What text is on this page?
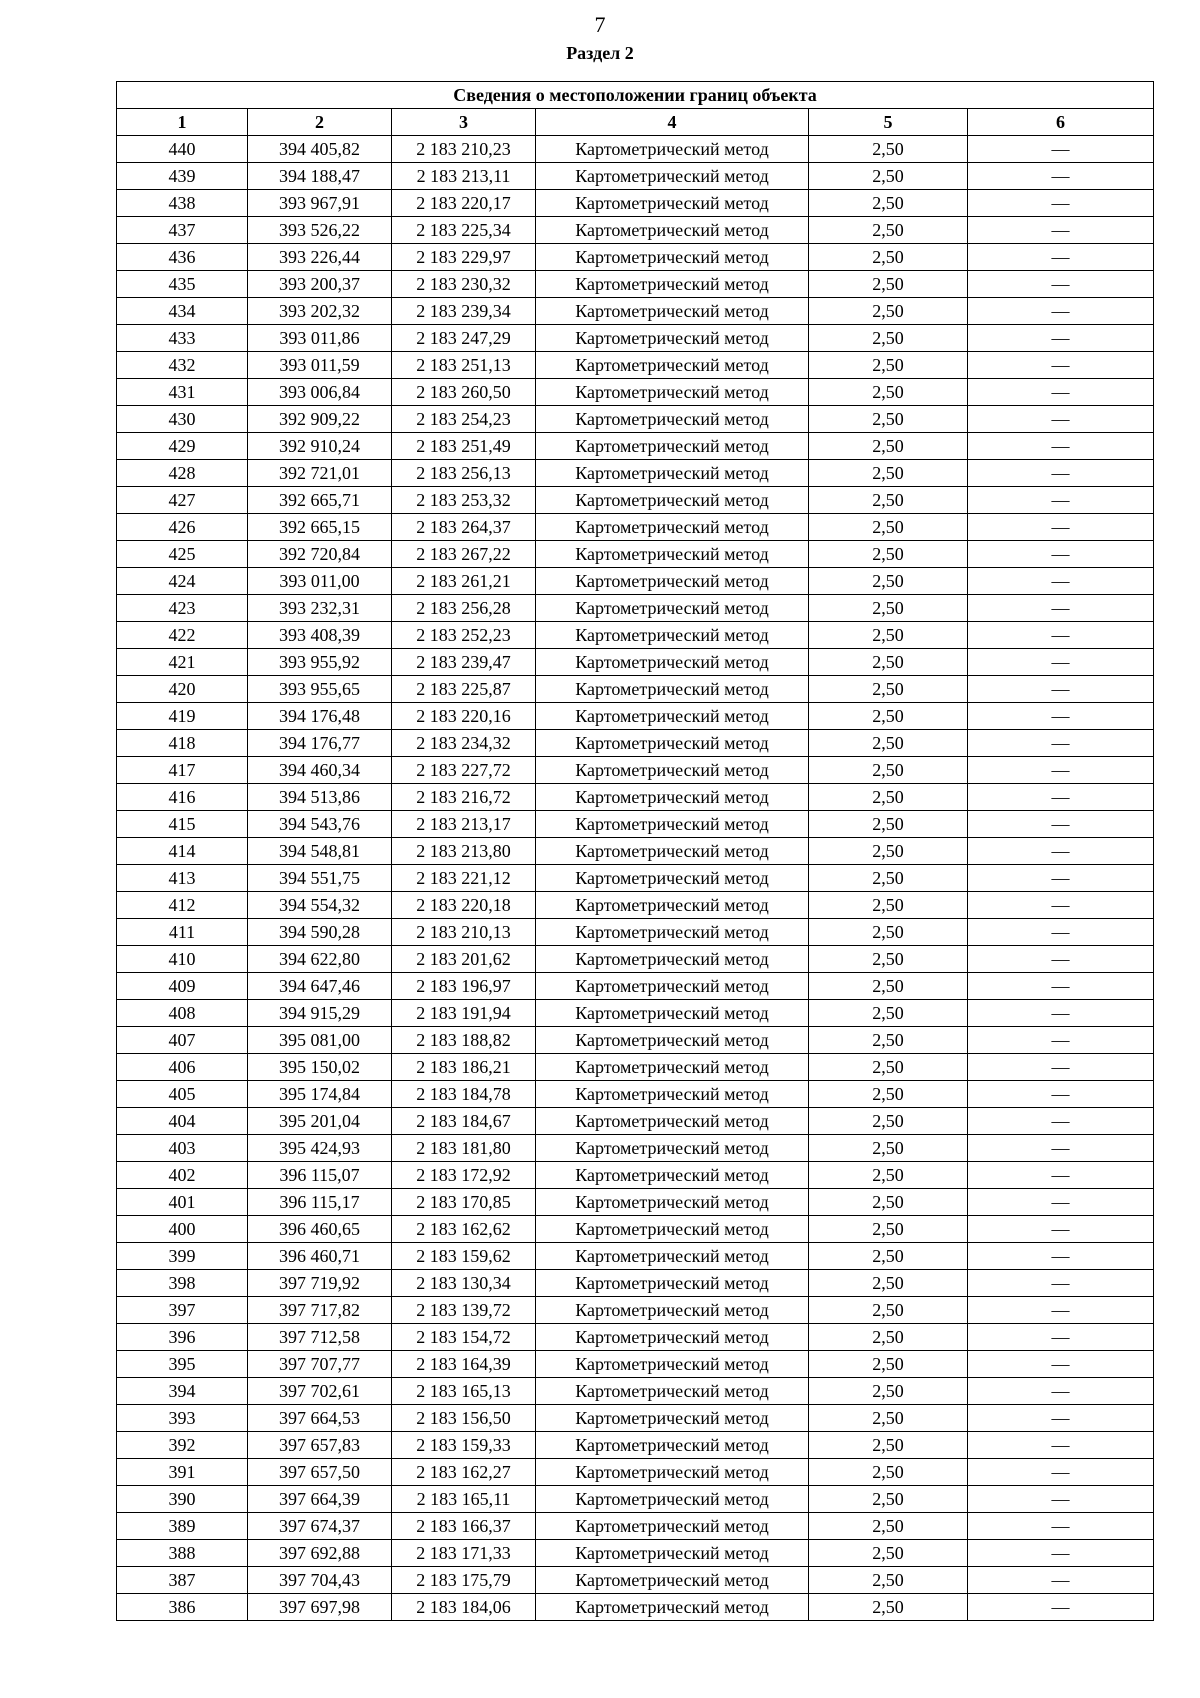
7
Раздел 2
Сведения о местоположении границ объекта					
1	2	3	4	5	6
440	394 405,82	2 183 210,23	Картометрический метод	2,50	—
439	394 188,47	2 183 213,11	Картометрический метод	2,50	—
438	393 967,91	2 183 220,17	Картометрический метод	2,50	—
437	393 526,22	2 183 225,34	Картометрический метод	2,50	—
436	393 226,44	2 183 229,97	Картометрический метод	2,50	—
435	393 200,37	2 183 230,32	Картометрический метод	2,50	—
434	393 202,32	2 183 239,34	Картометрический метод	2,50	—
433	393 011,86	2 183 247,29	Картометрический метод	2,50	—
432	393 011,59	2 183 251,13	Картометрический метод	2,50	—
431	393 006,84	2 183 260,50	Картометрический метод	2,50	—
430	392 909,22	2 183 254,23	Картометрический метод	2,50	—
429	392 910,24	2 183 251,49	Картометрический метод	2,50	—
428	392 721,01	2 183 256,13	Картометрический метод	2,50	—
427	392 665,71	2 183 253,32	Картометрический метод	2,50	—
426	392 665,15	2 183 264,37	Картометрический метод	2,50	—
425	392 720,84	2 183 267,22	Картометрический метод	2,50	—
424	393 011,00	2 183 261,21	Картометрический метод	2,50	—
423	393 232,31	2 183 256,28	Картометрический метод	2,50	—
422	393 408,39	2 183 252,23	Картометрический метод	2,50	—
421	393 955,92	2 183 239,47	Картометрический метод	2,50	—
420	393 955,65	2 183 225,87	Картометрический метод	2,50	—
419	394 176,48	2 183 220,16	Картометрический метод	2,50	—
418	394 176,77	2 183 234,32	Картометрический метод	2,50	—
417	394 460,34	2 183 227,72	Картометрический метод	2,50	—
416	394 513,86	2 183 216,72	Картометрический метод	2,50	—
415	394 543,76	2 183 213,17	Картометрический метод	2,50	—
414	394 548,81	2 183 213,80	Картометрический метод	2,50	—
413	394 551,75	2 183 221,12	Картометрический метод	2,50	—
412	394 554,32	2 183 220,18	Картометрический метод	2,50	—
411	394 590,28	2 183 210,13	Картометрический метод	2,50	—
410	394 622,80	2 183 201,62	Картометрический метод	2,50	—
409	394 647,46	2 183 196,97	Картометрический метод	2,50	—
408	394 915,29	2 183 191,94	Картометрический метод	2,50	—
407	395 081,00	2 183 188,82	Картометрический метод	2,50	—
406	395 150,02	2 183 186,21	Картометрический метод	2,50	—
405	395 174,84	2 183 184,78	Картометрический метод	2,50	—
404	395 201,04	2 183 184,67	Картометрический метод	2,50	—
403	395 424,93	2 183 181,80	Картометрический метод	2,50	—
402	396 115,07	2 183 172,92	Картометрический метод	2,50	—
401	396 115,17	2 183 170,85	Картометрический метод	2,50	—
400	396 460,65	2 183 162,62	Картометрический метод	2,50	—
399	396 460,71	2 183 159,62	Картометрический метод	2,50	—
398	397 719,92	2 183 130,34	Картометрический метод	2,50	—
397	397 717,82	2 183 139,72	Картометрический метод	2,50	—
396	397 712,58	2 183 154,72	Картометрический метод	2,50	—
395	397 707,77	2 183 164,39	Картометрический метод	2,50	—
394	397 702,61	2 183 165,13	Картометрический метод	2,50	—
393	397 664,53	2 183 156,50	Картометрический метод	2,50	—
392	397 657,83	2 183 159,33	Картометрический метод	2,50	—
391	397 657,50	2 183 162,27	Картометрический метод	2,50	—
390	397 664,39	2 183 165,11	Картометрический метод	2,50	—
389	397 674,37	2 183 166,37	Картометрический метод	2,50	—
388	397 692,88	2 183 171,33	Картометрический метод	2,50	—
387	397 704,43	2 183 175,79	Картометрический метод	2,50	—
386	397 697,98	2 183 184,06	Картометрический метод	2,50	—
